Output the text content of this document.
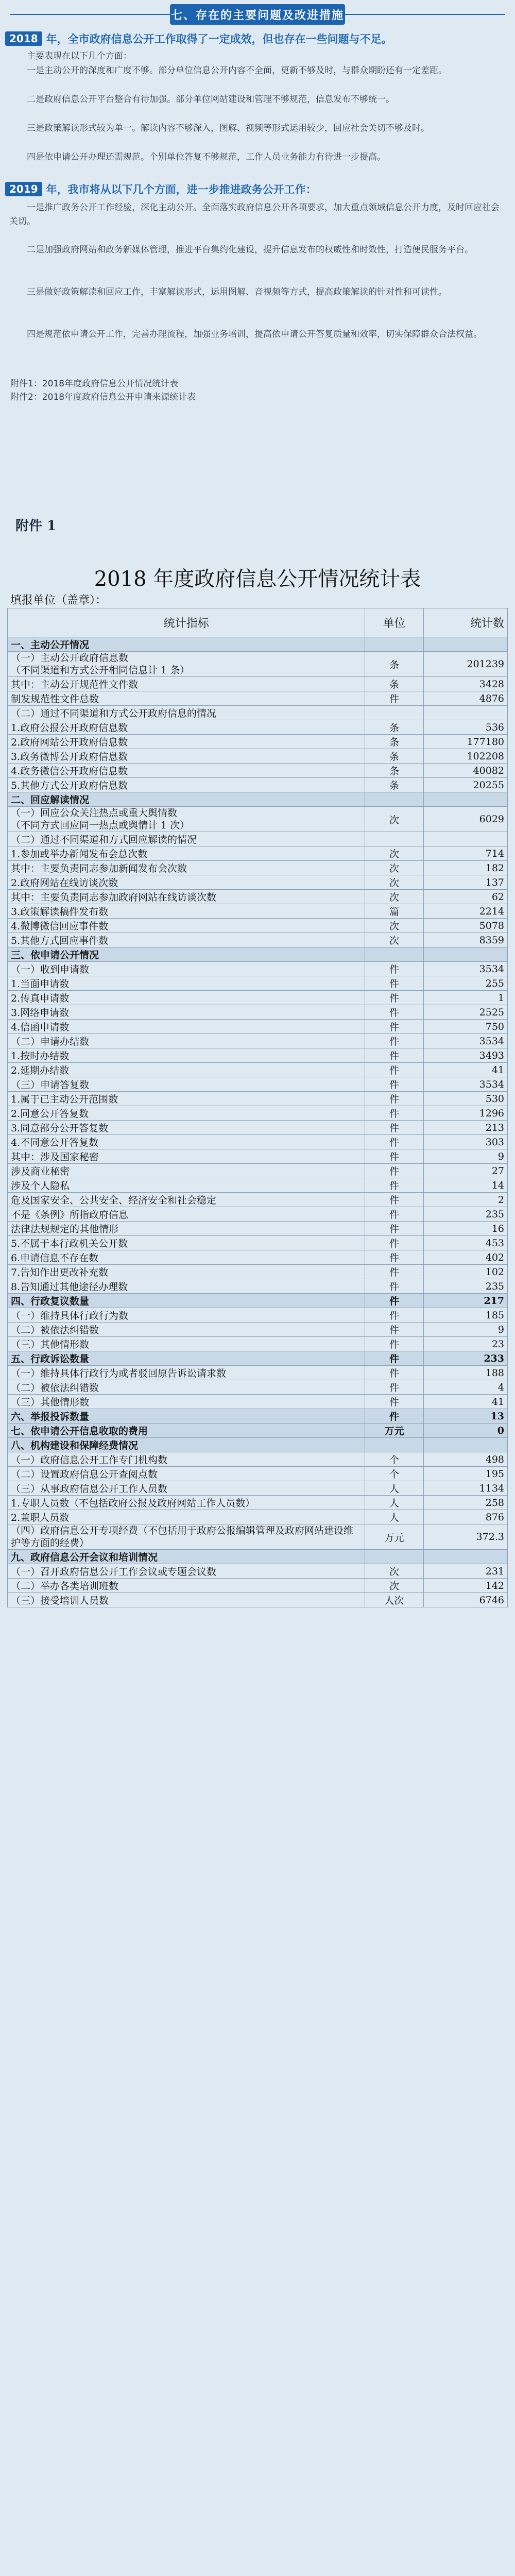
七、存在的主要问题及改进措施
2018 年，全市政府信息公开工作取得了一定成效，但也存在一些问题与不足。
主要表现在以下几个方面：
一是主动公开的深度和广度不够。部分单位信息公开内容不全面，更新不够及时，与群众期盼还有一定差距。
二是政府信息公开平台整合有待加强。部分单位网站建设和管理不够规范，信息发布不够统一。
三是政策解读形式较为单一。解读内容不够深入，图解、视频等形式运用较少，回应社会关切不够及时。
四是依申请公开办理还需规范。个别单位答复不够规范，工作人员业务能力有待进一步提高。
2019 年，我市将从以下几个方面，进一步推进政务公开工作：
一是推广政务公开工作经验，深化主动公开。全面落实政府信息公开各项要求，加大重点领域信息公开力度，及时回应社会关切。
二是加强政府网站和政务新媒体管理，推进平台集约化建设，提升信息发布的权威性和时效性，打造便民服务平台。
三是做好政策解读和回应工作，丰富解读形式，运用图解、音视频等方式，提高政策解读的针对性和可读性。
四是规范依申请公开工作，完善办理流程，加强业务培训，提高依申请公开答复质量和效率，切实保障群众合法权益。
附件1：2018年度政府信息公开情况统计表
附件2：2018年度政府信息公开申请来源统计表
附件 1
2018 年度政府信息公开情况统计表
填报单位（盖章）：
统计指标	单位	统计数
一、主动公开情况		
（一）主动公开政府信息数
（不同渠道和方式公开相同信息计 1 条）	条	201239
其中：主动公开规范性文件数	条	3428
制发规范性文件总数	件	4876
（二）通过不同渠道和方式公开政府信息的情况		
1.政府公报公开政府信息数	条	536
2.政府网站公开政府信息数	条	177180
3.政务微博公开政府信息数	条	102208
4.政务微信公开政府信息数	条	40082
5.其他方式公开政府信息数	条	20255
二、回应解读情况		
（一）回应公众关注热点或重大舆情数
（不同方式回应同一热点或舆情计 1 次）	次	6029
（二）通过不同渠道和方式回应解读的情况		
1.参加或举办新闻发布会总次数	次	714
其中：主要负责同志参加新闻发布会次数	次	182
2.政府网站在线访谈次数	次	137
其中：主要负责同志参加政府网站在线访谈次数	次	62
3.政策解读稿件发布数	篇	2214
4.微博微信回应事件数	次	5078
5.其他方式回应事件数	次	8359
三、依申请公开情况		
（一）收到申请数	件	3534
1.当面申请数	件	255
2.传真申请数	件	1
3.网络申请数	件	2525
4.信函申请数	件	750
（二）申请办结数	件	3534
1.按时办结数	件	3493
2.延期办结数	件	41
（三）申请答复数	件	3534
1.属于已主动公开范围数	件	530
2.同意公开答复数	件	1296
3.同意部分公开答复数	件	213
4.不同意公开答复数	件	303
其中：涉及国家秘密	件	9
涉及商业秘密	件	27
涉及个人隐私	件	14
危及国家安全、公共安全、经济安全和社会稳定	件	2
不是《条例》所指政府信息	件	235
法律法规规定的其他情形	件	16
5.不属于本行政机关公开数	件	453
6.申请信息不存在数	件	402
7.告知作出更改补充数	件	102
8.告知通过其他途径办理数	件	235
四、行政复议数量	件	217
（一）维持具体行政行为数	件	185
（二）被依法纠错数	件	9
（三）其他情形数	件	23
五、行政诉讼数量	件	233
（一）维持具体行政行为或者驳回原告诉讼请求数	件	188
（二）被依法纠错数	件	4
（三）其他情形数	件	41
六、举报投诉数量	件	13
七、依申请公开信息收取的费用	万元	0
八、机构建设和保障经费情况		
（一）政府信息公开工作专门机构数	个	498
（二）设置政府信息公开查阅点数	个	195
（三）从事政府信息公开工作人员数	人	1134
1.专职人员数（不包括政府公报及政府网站工作人员数）	人	258
2.兼职人员数	人	876
（四）政府信息公开专项经费（不包括用于政府公报编辑管理及政府网站建设维护等方面的经费）	万元	372.3
九、政府信息公开会议和培训情况		
（一）召开政府信息公开工作会议或专题会议数	次	231
（二）举办各类培训班数	次	142
（三）接受培训人员数	人次	6746
